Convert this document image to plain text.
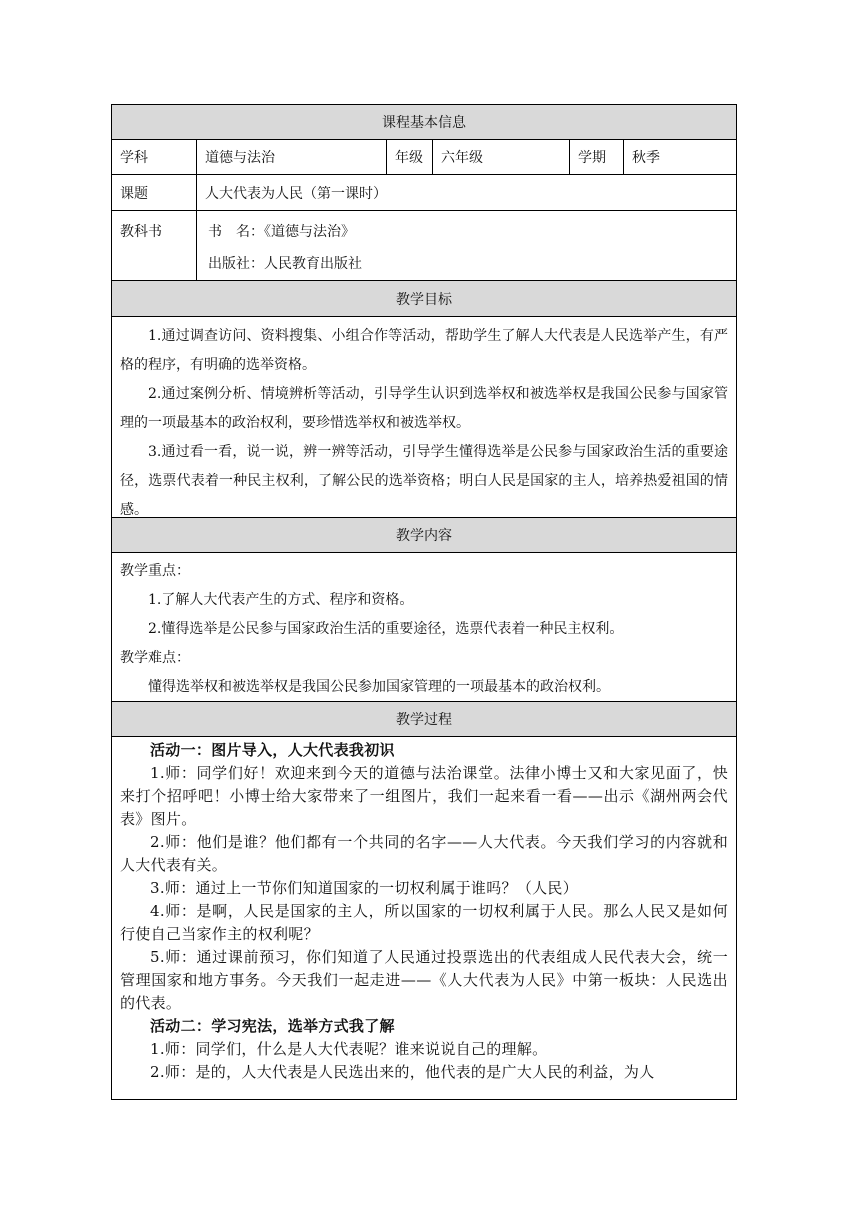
课程基本信息
学科	道德与法治	年级	六年级	学期	秋季
课题	人大代表为人民（第一课时）
教科书	书　名：《道德与法治》
出版社：人民教育出版社
教学目标

1.通过调查访问、资料搜集、小组合作等活动，帮助学生了解人大代表是人民选举产生，有严格的程序，有明确的选举资格。

2.通过案例分析、情境辨析等活动，引导学生认识到选举权和被选举权是我国公民参与国家管理的一项最基本的政治权利，要珍惜选举权和被选举权。

3.通过看一看，说一说，辨一辨等活动，引导学生懂得选举是公民参与国家政治生活的重要途径，选票代表着一种民主权利，了解公民的选举资格；明白人民是国家的主人，培养热爱祖国的情感。

教学内容

教学重点：

1.了解人大代表产生的方式、程序和资格。

2.懂得选举是公民参与国家政治生活的重要途径，选票代表着一种民主权利。

教学难点：

懂得选举权和被选举权是我国公民参加国家管理的一项最基本的政治权利。

教学过程

活动一：图片导入，人大代表我初识

1.师：同学们好！欢迎来到今天的道德与法治课堂。法律小博士又和大家见面了，快来打个招呼吧！小博士给大家带来了一组图片，我们一起来看一看——出示《湖州两会代表》图片。

2.师：他们是谁？他们都有一个共同的名字——人大代表。今天我们学习的内容就和人大代表有关。

3.师：通过上一节你们知道国家的一切权利属于谁吗？（人民）

4.师：是啊，人民是国家的主人，所以国家的一切权利属于人民。那么人民又是如何行使自己当家作主的权利呢？

5.师：通过课前预习，你们知道了人民通过投票选出的代表组成人民代表大会，统一管理国家和地方事务。今天我们一起走进——《人大代表为人民》中第一板块：人民选出的代表。

活动二：学习宪法，选举方式我了解

1.师：同学们，什么是人大代表呢？谁来说说自己的理解。

2.师：是的，人大代表是人民选出来的，他代表的是广大人民的利益，为人
